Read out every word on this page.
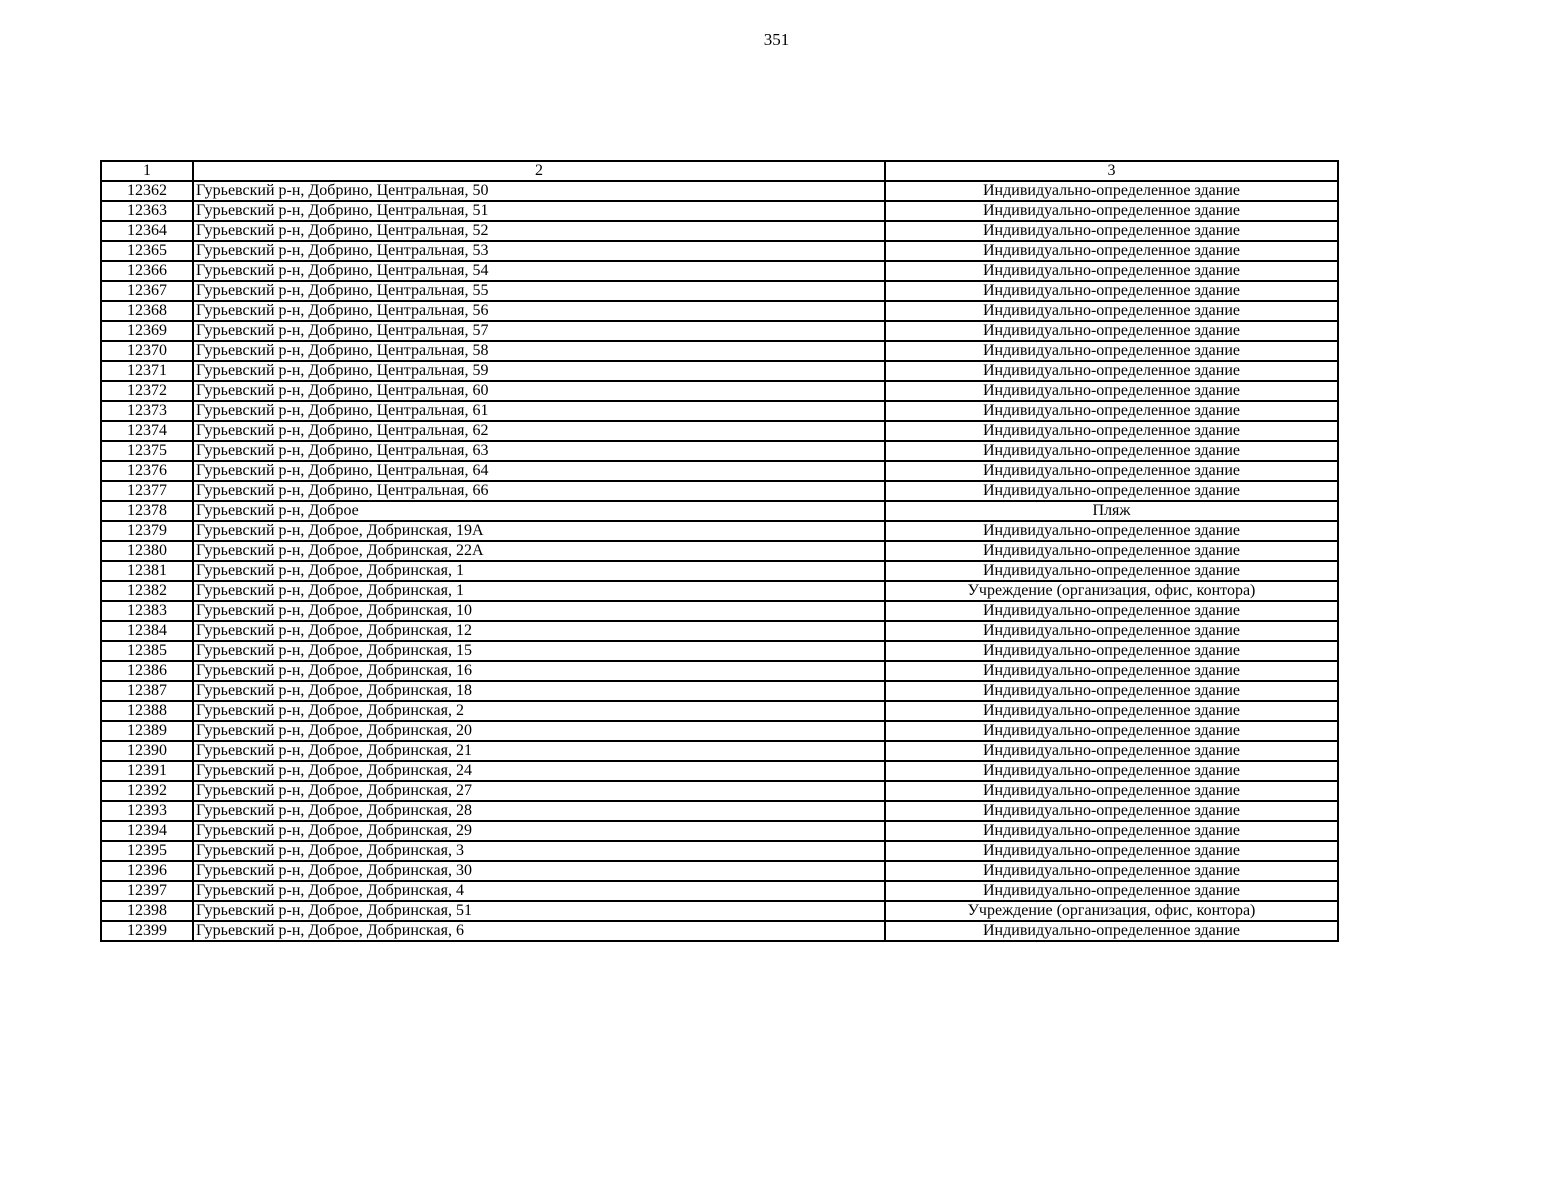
351
1	2	3
12362	Гурьевский р-н, Добрино, Центральная, 50	Индивидуально-определенное здание
12363	Гурьевский р-н, Добрино, Центральная, 51	Индивидуально-определенное здание
12364	Гурьевский р-н, Добрино, Центральная, 52	Индивидуально-определенное здание
12365	Гурьевский р-н, Добрино, Центральная, 53	Индивидуально-определенное здание
12366	Гурьевский р-н, Добрино, Центральная, 54	Индивидуально-определенное здание
12367	Гурьевский р-н, Добрино, Центральная, 55	Индивидуально-определенное здание
12368	Гурьевский р-н, Добрино, Центральная, 56	Индивидуально-определенное здание
12369	Гурьевский р-н, Добрино, Центральная, 57	Индивидуально-определенное здание
12370	Гурьевский р-н, Добрино, Центральная, 58	Индивидуально-определенное здание
12371	Гурьевский р-н, Добрино, Центральная, 59	Индивидуально-определенное здание
12372	Гурьевский р-н, Добрино, Центральная, 60	Индивидуально-определенное здание
12373	Гурьевский р-н, Добрино, Центральная, 61	Индивидуально-определенное здание
12374	Гурьевский р-н, Добрино, Центральная, 62	Индивидуально-определенное здание
12375	Гурьевский р-н, Добрино, Центральная, 63	Индивидуально-определенное здание
12376	Гурьевский р-н, Добрино, Центральная, 64	Индивидуально-определенное здание
12377	Гурьевский р-н, Добрино, Центральная, 66	Индивидуально-определенное здание
12378	Гурьевский р-н, Доброе	Пляж
12379	Гурьевский р-н, Доброе, Добринская, 19А	Индивидуально-определенное здание
12380	Гурьевский р-н, Доброе, Добринская, 22А	Индивидуально-определенное здание
12381	Гурьевский р-н, Доброе, Добринская, 1	Индивидуально-определенное здание
12382	Гурьевский р-н, Доброе, Добринская, 1	Учреждение (организация, офис, контора)
12383	Гурьевский р-н, Доброе, Добринская, 10	Индивидуально-определенное здание
12384	Гурьевский р-н, Доброе, Добринская, 12	Индивидуально-определенное здание
12385	Гурьевский р-н, Доброе, Добринская, 15	Индивидуально-определенное здание
12386	Гурьевский р-н, Доброе, Добринская, 16	Индивидуально-определенное здание
12387	Гурьевский р-н, Доброе, Добринская, 18	Индивидуально-определенное здание
12388	Гурьевский р-н, Доброе, Добринская, 2	Индивидуально-определенное здание
12389	Гурьевский р-н, Доброе, Добринская, 20	Индивидуально-определенное здание
12390	Гурьевский р-н, Доброе, Добринская, 21	Индивидуально-определенное здание
12391	Гурьевский р-н, Доброе, Добринская, 24	Индивидуально-определенное здание
12392	Гурьевский р-н, Доброе, Добринская, 27	Индивидуально-определенное здание
12393	Гурьевский р-н, Доброе, Добринская, 28	Индивидуально-определенное здание
12394	Гурьевский р-н, Доброе, Добринская, 29	Индивидуально-определенное здание
12395	Гурьевский р-н, Доброе, Добринская, 3	Индивидуально-определенное здание
12396	Гурьевский р-н, Доброе, Добринская, 30	Индивидуально-определенное здание
12397	Гурьевский р-н, Доброе, Добринская, 4	Индивидуально-определенное здание
12398	Гурьевский р-н, Доброе, Добринская, 51	Учреждение (организация, офис, контора)
12399	Гурьевский р-н, Доброе, Добринская, 6	Индивидуально-определенное здание
